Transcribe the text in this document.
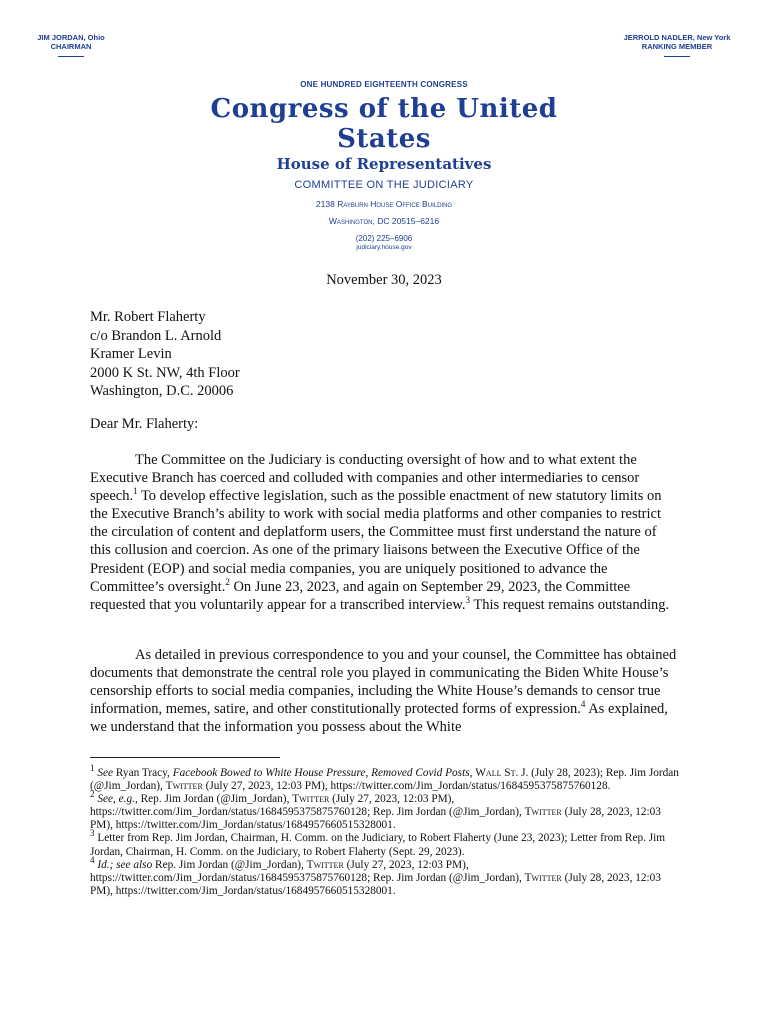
JIM JORDAN, Ohio
CHAIRMAN
JERROLD NADLER, New York
RANKING MEMBER
ONE HUNDRED EIGHTEENTH CONGRESS
Congress of the United States
House of Representatives
COMMITTEE ON THE JUDICIARY
2138 Rayburn House Office Building
Washington, DC 20515–6216
(202) 225–6906
judiciary.house.gov
November 30, 2023
Mr. Robert Flaherty
c/o Brandon L. Arnold
Kramer Levin
2000 K St. NW, 4th Floor
Washington, D.C. 20006
Dear Mr. Flaherty:

The Committee on the Judiciary is conducting oversight of how and to what extent the Executive Branch has coerced and colluded with companies and other intermediaries to censor speech.$^1$ To develop effective legislation, such as the possible enactment of new statutory limits on the Executive Branch’s ability to work with social media platforms and other companies to restrict the circulation of content and deplatform users, the Committee must first understand the nature of this collusion and coercion. As one of the primary liaisons between the Executive Office of the President (EOP) and social media companies, you are uniquely positioned to advance the Committee’s oversight.$^2$ On June 23, 2023, and again on September 29, 2023, the Committee requested that you voluntarily appear for a transcribed interview.$^3$ This request remains outstanding.

As detailed in previous correspondence to you and your counsel, the Committee has obtained documents that demonstrate the central role you played in communicating the Biden White House’s censorship efforts to social media companies, including the White House’s demands to censor true information, memes, satire, and other constitutionally protected forms of expression.$^4$ As explained, we understand that the information you possess about the White

$^1$ See Ryan Tracy, Facebook Bowed to White House Pressure, Removed Covid Posts, Wall St. J. (July 28, 2023); Rep. Jim Jordan (@Jim_Jordan), Twitter (July 27, 2023, 12:03 PM), https://twitter.com/Jim_Jordan/status/1684595375875760128.

$^2$ See, e.g., Rep. Jim Jordan (@Jim_Jordan), Twitter (July 27, 2023, 12:03 PM), https://twitter.com/Jim_Jordan/status/1684595375875760128; Rep. Jim Jordan (@Jim_Jordan), Twitter (July 28, 2023, 12:03 PM), https://twitter.com/Jim_Jordan/status/1684957660515328001.

$^3$ Letter from Rep. Jim Jordan, Chairman, H. Comm. on the Judiciary, to Robert Flaherty (June 23, 2023); Letter from Rep. Jim Jordan, Chairman, H. Comm. on the Judiciary, to Robert Flaherty (Sept. 29, 2023).

$^4$ Id.; see also Rep. Jim Jordan (@Jim_Jordan), Twitter (July 27, 2023, 12:03 PM), https://twitter.com/Jim_Jordan/status/1684595375875760128; Rep. Jim Jordan (@Jim_Jordan), Twitter (July 28, 2023, 12:03 PM), https://twitter.com/Jim_Jordan/status/1684957660515328001.
